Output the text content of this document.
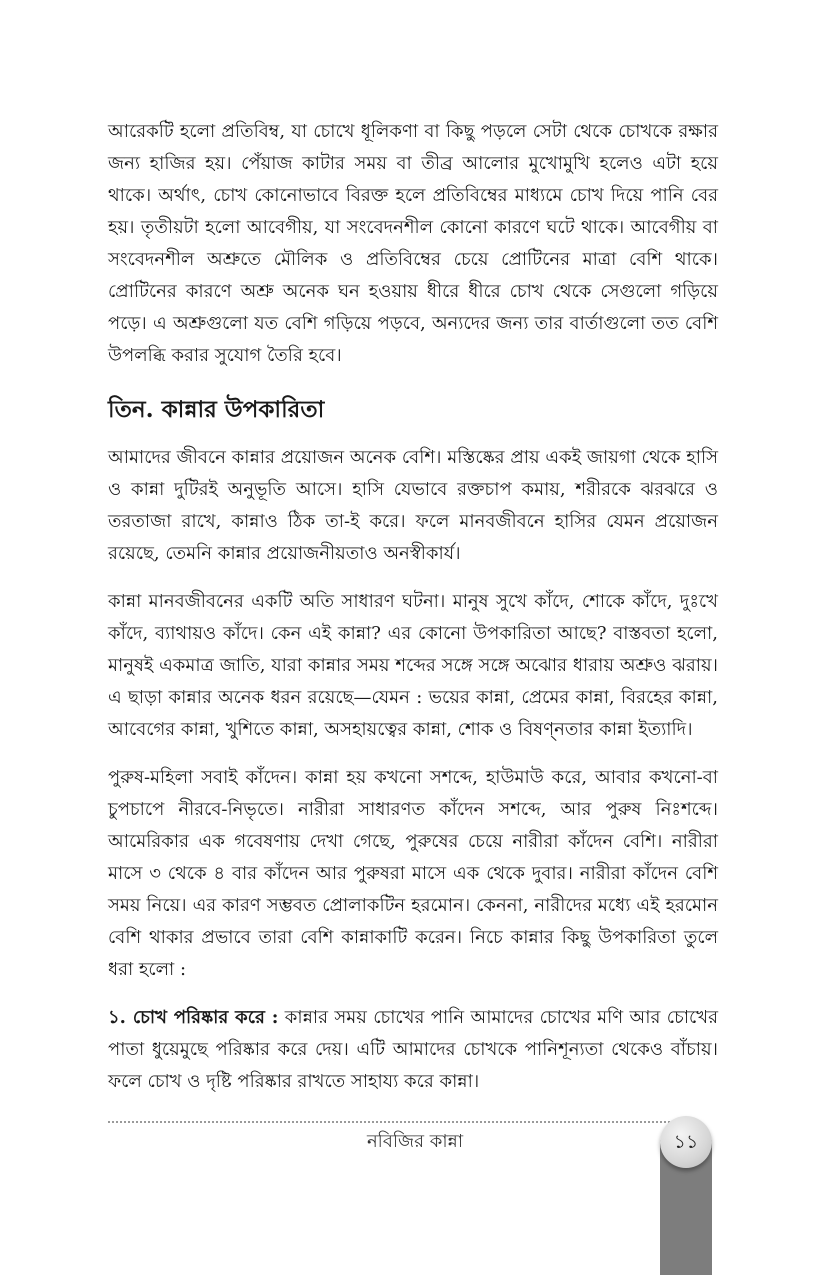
আরেকটি হলো প্রতিবিম্ব, যা চোখে ধূলিকণা বা কিছু পড়লে সেটা থেকে চোখকে রক্ষার জন্য হাজির হয়। পেঁয়াজ কাটার সময় বা তীব্র আলোর মুখোমুখি হলেও এটা হয়ে থাকে। অর্থাৎ, চোখ কোনোভাবে বিরক্ত হলে প্রতিবিম্বের মাধ্যমে চোখ দিয়ে পানি বের হয়। তৃতীয়টা হলো আবেগীয়, যা সংবেদনশীল কোনো কারণে ঘটে থাকে। আবেগীয় বা সংবেদনশীল অশ্রুতে মৌলিক ও প্রতিবিম্বের চেয়ে প্রোটিনের মাত্রা বেশি থাকে। প্রোটিনের কারণে অশ্রু অনেক ঘন হওয়ায় ধীরে ধীরে চোখ থেকে সেগুলো গড়িয়ে পড়ে। এ অশ্রুগুলো যত বেশি গড়িয়ে পড়বে, অন্যদের জন্য তার বার্তাগুলো তত বেশি উপলব্ধি করার সুযোগ তৈরি হবে।

তিন. কান্নার উপকারিতা

আমাদের জীবনে কান্নার প্রয়োজন অনেক বেশি। মস্তিষ্কের প্রায় একই জায়গা থেকে হাসি ও কান্না দুটিরই অনুভূতি আসে। হাসি যেভাবে রক্তচাপ কমায়, শরীরকে ঝরঝরে ও তরতাজা রাখে, কান্নাও ঠিক তা-ই করে। ফলে মানবজীবনে হাসির যেমন প্রয়োজন রয়েছে, তেমনি কান্নার প্রয়োজনীয়তাও অনস্বীকার্য।

কান্না মানবজীবনের একটি অতি সাধারণ ঘটনা। মানুষ সুখে কাঁদে, শোকে কাঁদে, দুঃখে কাঁদে, ব্যাথায়ও কাঁদে। কেন এই কান্না? এর কোনো উপকারিতা আছে? বাস্তবতা হলো, মানুষই একমাত্র জাতি, যারা কান্নার সময় শব্দের সঙ্গে সঙ্গে অঝোর ধারায় অশ্রুও ঝরায়। এ ছাড়া কান্নার অনেক ধরন রয়েছে—যেমন : ভয়ের কান্না, প্রেমের কান্না, বিরহের কান্না, আবেগের কান্না, খুশিতে কান্না, অসহায়ত্বের কান্না, শোক ও বিষণ্নতার কান্না ইত্যাদি।

পুরুষ-মহিলা সবাই কাঁদেন। কান্না হয় কখনো সশব্দে, হাউমাউ করে, আবার কখনো-বা চুপচাপে নীরবে-নিভৃতে। নারীরা সাধারণত কাঁদেন সশব্দে, আর পুরুষ নিঃশব্দে। আমেরিকার এক গবেষণায় দেখা গেছে, পুরুষের চেয়ে নারীরা কাঁদেন বেশি। নারীরা মাসে ৩ থেকে ৪ বার কাঁদেন আর পুরুষরা মাসে এক থেকে দুবার। নারীরা কাঁদেন বেশি সময় নিয়ে। এর কারণ সম্ভবত প্রোলাকটিন হরমোন। কেননা, নারীদের মধ্যে এই হরমোন বেশি থাকার প্রভাবে তারা বেশি কান্নাকাটি করেন। নিচে কান্নার কিছু উপকারিতা তুলে ধরা হলো :

১. চোখ পরিষ্কার করে : কান্নার সময় চোখের পানি আমাদের চোখের মণি আর চোখের পাতা ধুয়েমুছে পরিষ্কার করে দেয়। এটি আমাদের চোখকে পানিশূন্যতা থেকেও বাঁচায়। ফলে চোখ ও দৃষ্টি পরিষ্কার রাখতে সাহায্য করে কান্না।

নবিজির কান্না	১১
